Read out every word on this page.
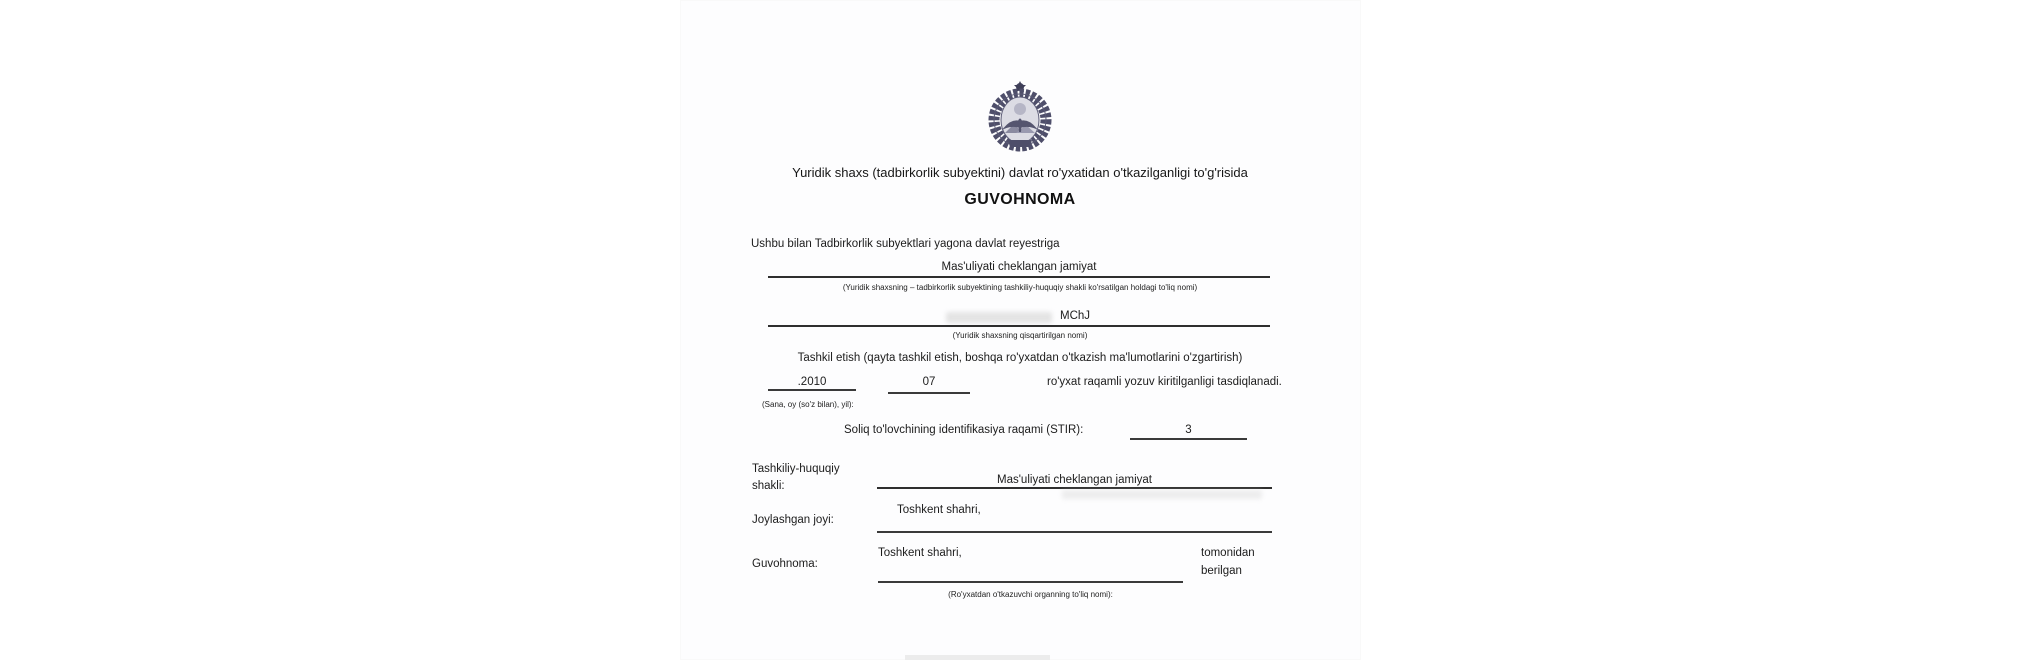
Yuridik shaxs (tadbirkorlik subyektini) davlat ro'yxatidan o'tkazilganligi to'g'risida
GUVOHNOMA
Ushbu bilan Tadbirkorlik subyektlari yagona davlat reyestriga
Mas'uliyati cheklangan jamiyat
(Yuridik shaxsning – tadbirkorlik subyektining tashkiliy-huquqiy shakli ko'rsatilgan holdagi to'liq nomi)
MChJ
(Yuridik shaxsning qisqartirilgan nomi)
Tashkil etish (qayta tashkil etish, boshqa ro'yxatdan o'tkazish ma'lumotlarini o'zgartirish)
.2010	07	ro'yxat raqamli yozuv kiritilganligi tasdiqlanadi.
(Sana, oy (so'z bilan), yil):
Soliq to'lovchining identifikasiya raqami (STIR):	3
Tashkiliy-huquqiy
shakli:	Mas'uliyati cheklangan jamiyat
Joylashgan joyi:
Toshkent shahri,
Guvohnoma:
Toshkent shahri,	tomonidan
berilgan
(Ro'yxatdan o'tkazuvchi organning to'liq nomi):
